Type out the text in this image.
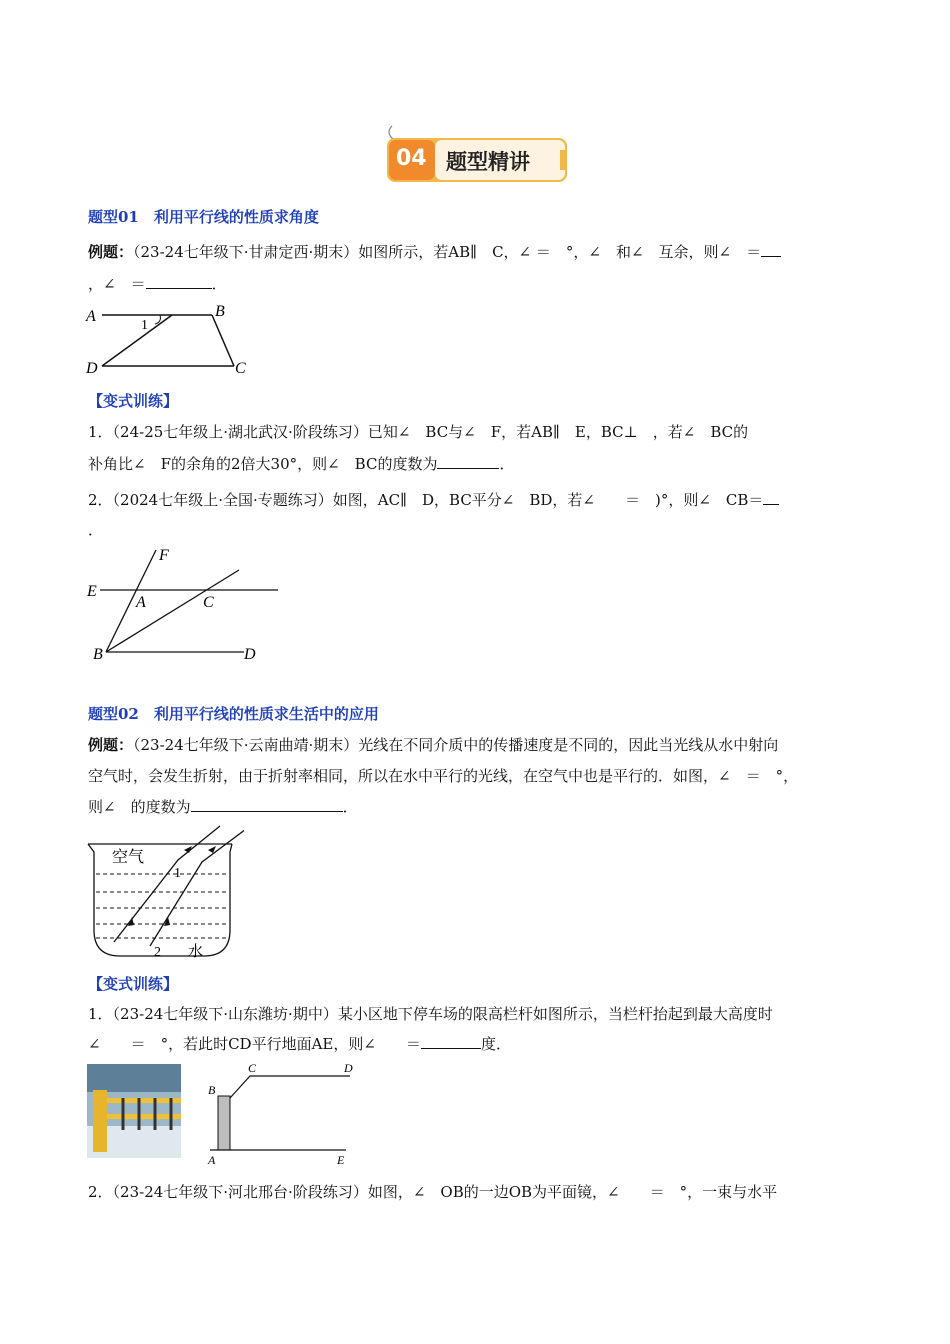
04 题型精讲
题型01　利用平行线的性质求角度
例题：（23-24七年级下·甘肃定西·期末）如图所示，若AB∥　C，∠ ＝　°，∠　和∠　互余，则∠　＝
，∠　＝	．
A	B
C
D
1
【变式训练】
1．（24-25七年级上·湖北武汉·阶段练习）已知∠　BC与∠　F，若AB∥　E，BC⊥　，若∠　BC的
补角比∠　F的余角的2倍大30°，则∠　BC的度数为	．
2．（2024七年级上·全国·专题练习）如图，AC∥　D，BC平分∠　BD，若∠　　＝　)°，则∠　CB＝
．
F
E
A	C
B	D
题型02　利用平行线的性质求生活中的应用
例题：（23-24七年级下·云南曲靖·期末）光线在不同介质中的传播速度是不同的，因此当光线从水中射向
空气时，会发生折射，由于折射率相同，所以在水中平行的光线，在空气中也是平行的．如图，∠　＝　°，
则∠　的度数为	．
空气
1
2 水
【变式训练】
1．（23-24七年级下·山东潍坊·期中）某小区地下停车场的限高栏杆如图所示，当栏杆抬起到最大高度时
∠　　＝　°，若此时CD平行地面AE，则∠　　＝	度．
B
C	D
A	E
2．（23-24七年级下·河北邢台·阶段练习）如图，∠　OB的一边OB为平面镜，∠　　＝　°，一束与水平
